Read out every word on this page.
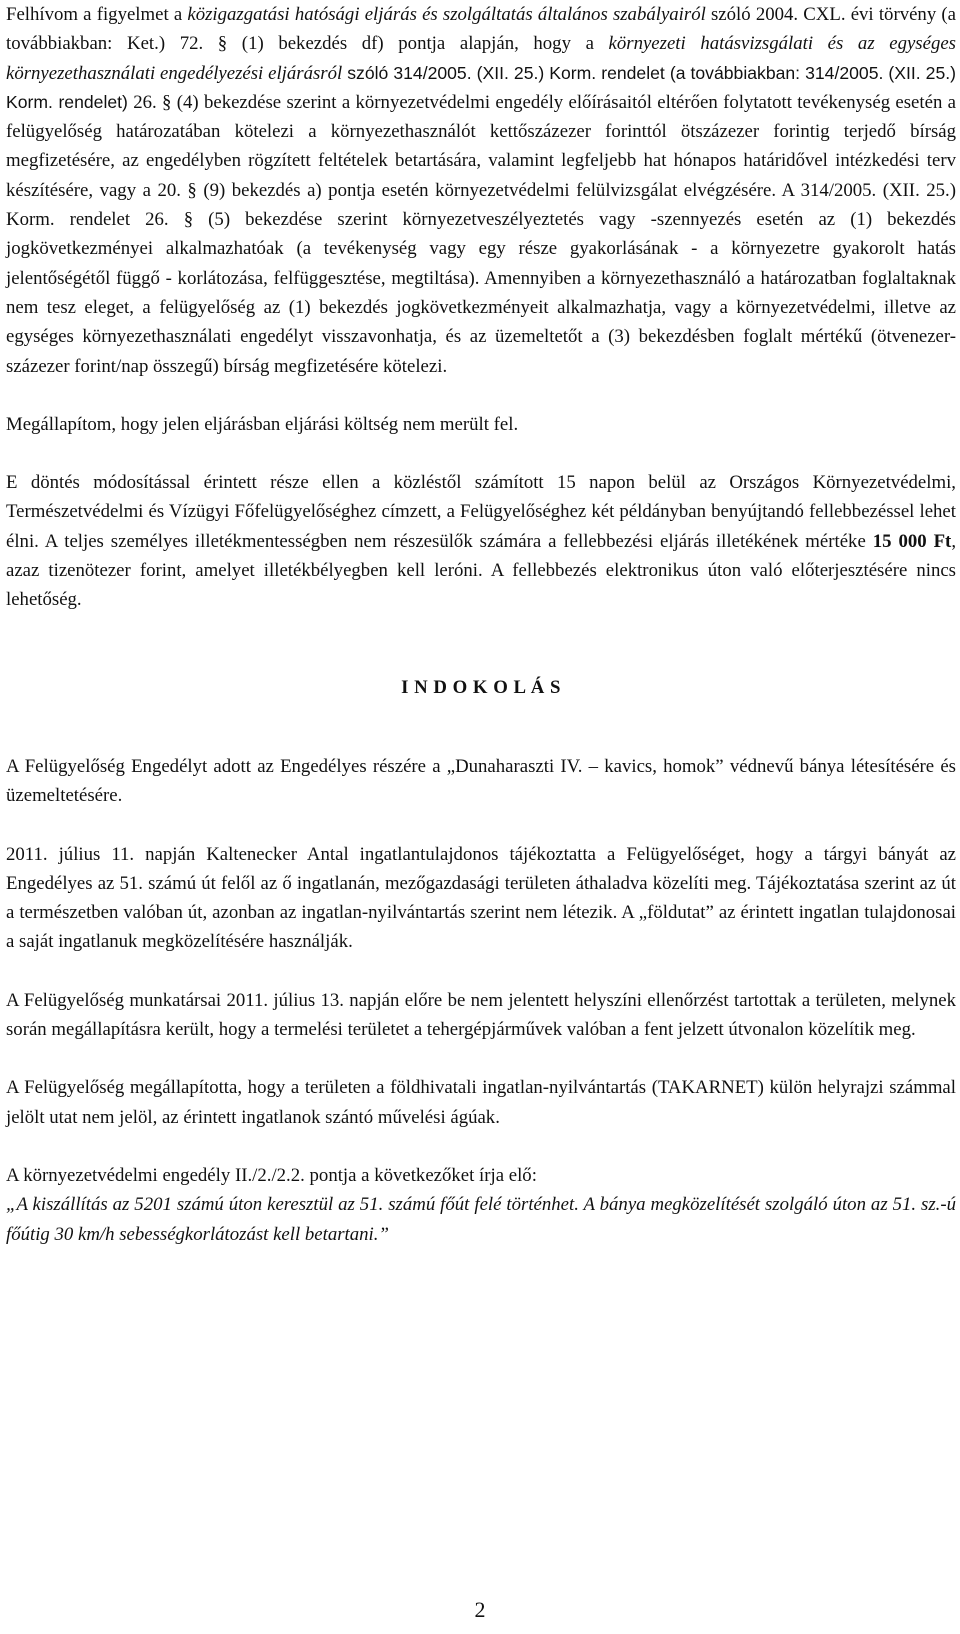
Felhívom a figyelmet a közigazgatási hatósági eljárás és szolgáltatás általános szabályairól szóló 2004. CXL. évi törvény (a továbbiakban: Ket.) 72. § (1) bekezdés df) pontja alapján, hogy a környezeti hatásvizsgálati és az egységes környezethasználati engedélyezési eljárásról szóló 314/2005. (XII. 25.) Korm. rendelet (a továbbiakban: 314/2005. (XII. 25.) Korm. rendelet) 26. § (4) bekezdése szerint a környezetvédelmi engedély előírásaitól eltérően folytatott tevékenység esetén a felügyelőség határozatában kötelezi a környezethasználót kettőszázezer forinttól ötszázezer forintig terjedő bírság megfizetésére, az engedélyben rögzített feltételek betartására, valamint legfeljebb hat hónapos határidővel intézkedési terv készítésére, vagy a 20. § (9) bekezdés a) pontja esetén környezetvédelmi felülvizsgálat elvégzésére. A 314/2005. (XII. 25.) Korm. rendelet 26. § (5) bekezdése szerint környezetveszélyeztetés vagy -szennyezés esetén az (1) bekezdés jogkövetkezményei alkalmazhatóak (a tevékenység vagy egy része gyakorlásának - a környezetre gyakorolt hatás jelentőségétől függő - korlátozása, felfüggesztése, megtiltása). Amennyiben a környezethasználó a határozatban foglaltaknak nem tesz eleget, a felügyelőség az (1) bekezdés jogkövetkezményeit alkalmazhatja, vagy a környezetvédelmi, illetve az egységes környezethasználati engedélyt visszavonhatja, és az üzemeltetőt a (3) bekezdésben foglalt mértékű (ötvenezer-százezer forint/nap összegű) bírság megfizetésére kötelezi.

Megállapítom, hogy jelen eljárásban eljárási költség nem merült fel.

E döntés módosítással érintett része ellen a közléstől számított 15 napon belül az Országos Környezetvédelmi, Természetvédelmi és Vízügyi Főfelügyelőséghez címzett, a Felügyelőséghez két példányban benyújtandó fellebbezéssel lehet élni. A teljes személyes illetékmentességben nem részesülők számára a fellebbezési eljárás illetékének mértéke 15 000 Ft, azaz tizenötezer forint, amelyet illetékbélyegben kell leróni. A fellebbezés elektronikus úton való előterjesztésére nincs lehetőség.

I N D O K O L Á S

A Felügyelőség Engedélyt adott az Engedélyes részére a „Dunaharaszti IV. – kavics, homok” védnevű bánya létesítésére és üzemeltetésére.

2011. július 11. napján Kaltenecker Antal ingatlantulajdonos tájékoztatta a Felügyelőséget, hogy a tárgyi bányát az Engedélyes az 51. számú út felől az ő ingatlanán, mezőgazdasági területen áthaladva közelíti meg. Tájékoztatása szerint az út a természetben valóban út, azonban az ingatlan-nyilvántartás szerint nem létezik. A „földutat” az érintett ingatlan tulajdonosai a saját ingatlanuk megközelítésére használják.

A Felügyelőség munkatársai 2011. július 13. napján előre be nem jelentett helyszíni ellenőrzést tartottak a területen, melynek során megállapításra került, hogy a termelési területet a tehergépjárművek valóban a fent jelzett útvonalon közelítik meg.

A Felügyelőség megállapította, hogy a területen a földhivatali ingatlan-nyilvántartás (TAKARNET) külön helyrajzi számmal jelölt utat nem jelöl, az érintett ingatlanok szántó művelési ágúak.

A környezetvédelmi engedély II./2./2.2. pontja a következőket írja elő:
„A kiszállítás az 5201 számú úton keresztül az 51. számú főút felé történhet. A bánya megközelítését szolgáló úton az 51. sz.-ú főútig 30 km/h sebességkorlátozást kell betartani.”
2
